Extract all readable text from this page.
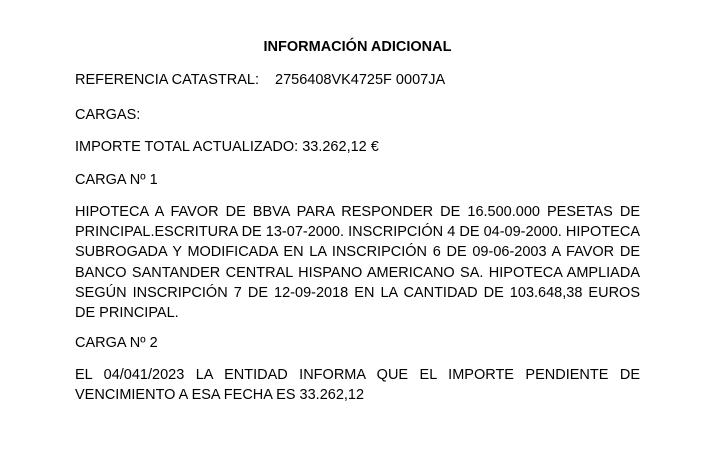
INFORMACIÓN ADICIONAL

REFERENCIA CATASTRAL: 2756408VK4725F 0007JA

CARGAS:

IMPORTE TOTAL ACTUALIZADO: 33.262,12 €

CARGA Nº 1

HIPOTECA A FAVOR DE BBVA PARA RESPONDER DE 16.500.000 PESETAS DE PRINCIPAL.ESCRITURA DE 13-07-2000. INSCRIPCIÓN 4 DE 04-09-2000. HIPOTECA SUBROGADA Y MODIFICADA EN LA INSCRIPCIÓN 6 DE 09-06-2003 A FAVOR DE BANCO SANTANDER CENTRAL HISPANO AMERICANO SA. HIPOTECA AMPLIADA SEGÚN INSCRIPCIÓN 7 DE 12-09-2018 EN LA CANTIDAD DE 103.648,38 EUROS DE PRINCIPAL.

CARGA Nº 2

EL 04/041/2023 LA ENTIDAD INFORMA QUE EL IMPORTE PENDIENTE DE VENCIMIENTO A ESA FECHA ES 33.262,12
